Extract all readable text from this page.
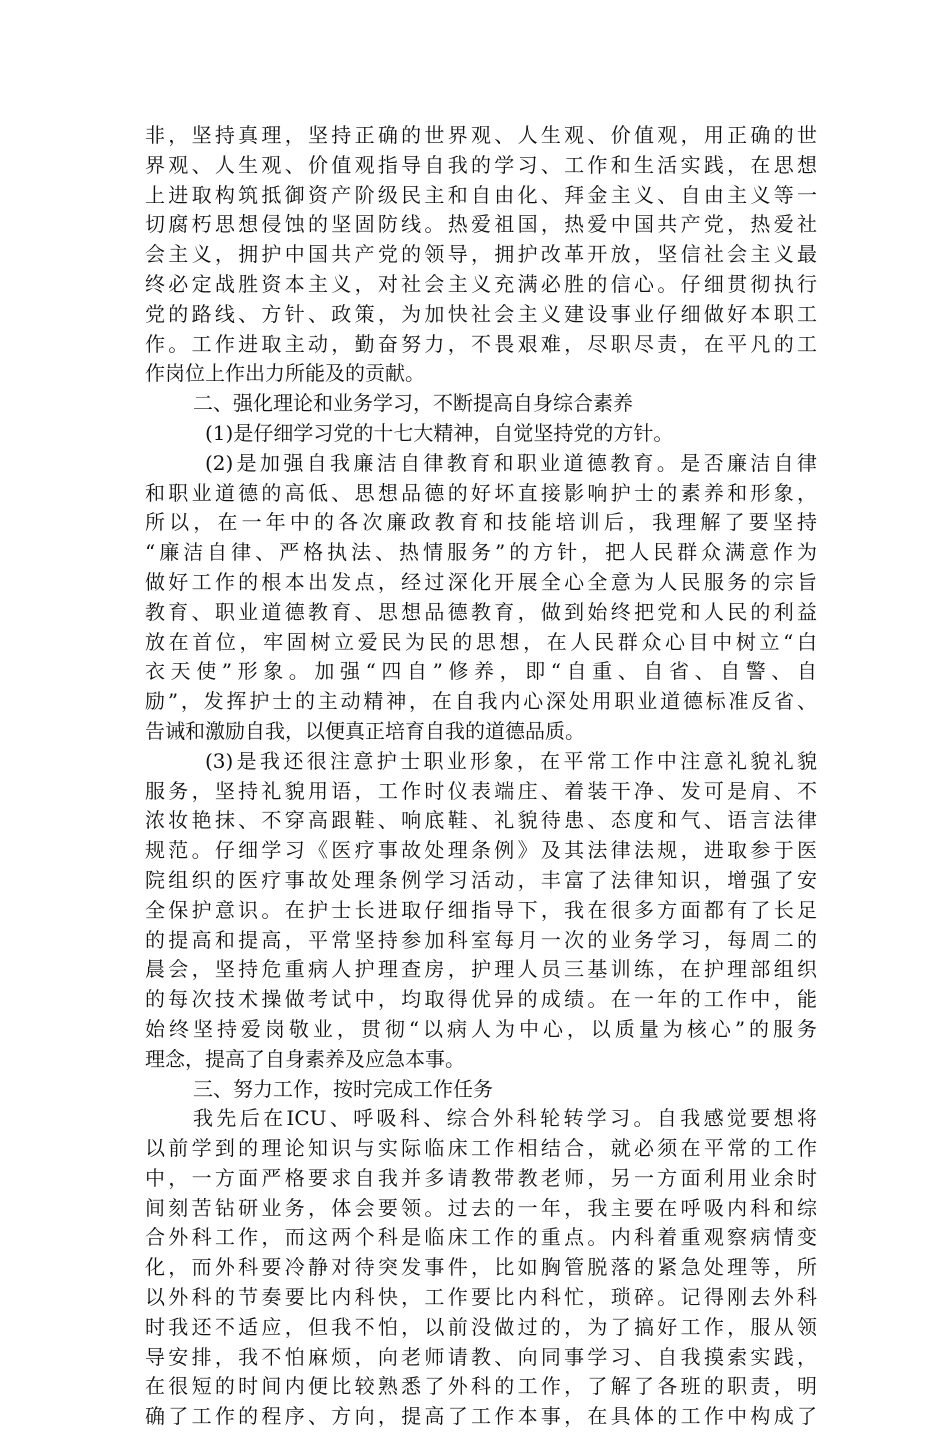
非，坚持真理，坚持正确的世界观、人生观、价值观，用正确的世
界观、人生观、价值观指导自我的学习、工作和生活实践，在思想
上进取构筑抵御资产阶级民主和自由化、拜金主义、自由主义等一
切腐朽思想侵蚀的坚固防线。热爱祖国，热爱中国共产党，热爱社
会主义，拥护中国共产党的领导，拥护改革开放，坚信社会主义最
终必定战胜资本主义，对社会主义充满必胜的信心。仔细贯彻执行
党的路线、方针、政策，为加快社会主义建设事业仔细做好本职工
作。工作进取主动，勤奋努力，不畏艰难，尽职尽责，在平凡的工
作岗位上作出力所能及的贡献。
二、强化理论和业务学习，不断提高自身综合素养
(1)是仔细学习党的十七大精神，自觉坚持党的方针。
(2)是加强自我廉洁自律教育和职业道德教育。是否廉洁自律
和职业道德的高低、思想品德的好坏直接影响护士的素养和形象，
所以，在一年中的各次廉政教育和技能培训后，我理解了要坚持
“廉洁自律、严格执法、热情服务”的方针，把人民群众满意作为
做好工作的根本出发点，经过深化开展全心全意为人民服务的宗旨
教育、职业道德教育、思想品德教育，做到始终把党和人民的利益
放在首位，牢固树立爱民为民的思想，在人民群众心目中树立“白
衣天使”形象。加强“四自”修养，即“自重、自省、自警、自
励”，发挥护士的主动精神，在自我内心深处用职业道德标准反省、
告诫和激励自我，以便真正培育自我的道德品质。
(3)是我还很注意护士职业形象，在平常工作中注意礼貌礼貌
服务，坚持礼貌用语，工作时仪表端庄、着装干净、发可是肩、不
浓妆艳抹、不穿高跟鞋、响底鞋、礼貌待患、态度和气、语言法律
规范。仔细学习《医疗事故处理条例》及其法律法规，进取参于医
院组织的医疗事故处理条例学习活动，丰富了法律知识，增强了安
全保护意识。在护士长进取仔细指导下，我在很多方面都有了长足
的提高和提高，平常坚持参加科室每月一次的业务学习，每周二的
晨会，坚持危重病人护理查房，护理人员三基训练，在护理部组织
的每次技术操做考试中，均取得优异的成绩。在一年的工作中，能
始终坚持爱岗敬业，贯彻“以病人为中心，以质量为核心”的服务
理念，提高了自身素养及应急本事。
三、努力工作，按时完成工作任务
我先后在ICU、呼吸科、综合外科轮转学习。自我感觉要想将
以前学到的理论知识与实际临床工作相结合，就必须在平常的工作
中，一方面严格要求自我并多请教带教老师，另一方面利用业余时
间刻苦钻研业务，体会要领。过去的一年，我主要在呼吸内科和综
合外科工作，而这两个科是临床工作的重点。内科着重观察病情变
化，而外科要冷静对待突发事件，比如胸管脱落的紧急处理等，所
以外科的节奏要比内科快，工作要比内科忙，琐碎。记得刚去外科
时我还不适应，但我不怕，以前没做过的，为了搞好工作，服从领
导安排，我不怕麻烦，向老师请教、向同事学习、自我摸索实践，
在很短的时间内便比较熟悉了外科的工作，了解了各班的职责，明
确了工作的程序、方向，提高了工作本事，在具体的工作中构成了
